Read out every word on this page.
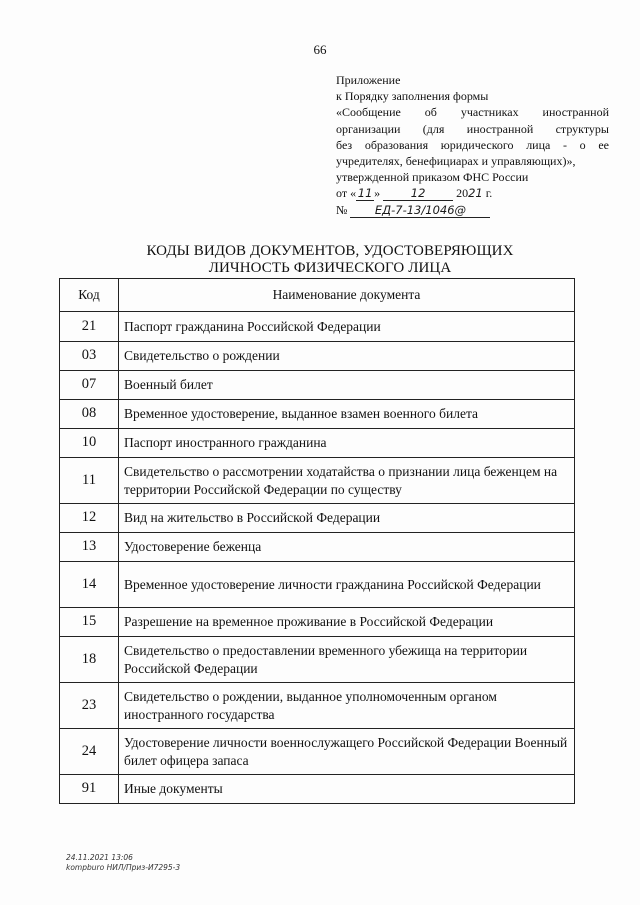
66
Приложение
к Порядку заполнения формы
«Сообщение об участниках иностранной
организации (для иностранной структуры
без образования юридического лица - о ее
учредителях, бенефициарах и управляющих)»,
утвержденной приказом ФНС России
от « 11 »	12	2021 г.
№ ЕД-7-13/1046@
КОДЫ ВИДОВ ДОКУМЕНТОВ, УДОСТОВЕРЯЮЩИХ
ЛИЧНОСТЬ ФИЗИЧЕСКОГО ЛИЦА
Код	Наименование документа
21	Паспорт гражданина Российской Федерации
03	Свидетельство о рождении
07	Военный билет
08	Временное удостоверение, выданное взамен военного билета
10	Паспорт иностранного гражданина
11	Свидетельство о рассмотрении ходатайства о признании лица беженцем на территории Российской Федерации по существу
12	Вид на жительство в Российской Федерации
13	Удостоверение беженца
14	Временное удостоверение личности гражданина Российской Федерации
15	Разрешение на временное проживание в Российской Федерации
18	Свидетельство о предоставлении временного убежища на территории Российской Федерации
23	Свидетельство о рождении, выданное уполномоченным органом иностранного государства
24	Удостоверение личности военнослужащего Российской Федерации Военный билет офицера запаса
91	Иные документы
24.11.2021 13:06
kompburo НИЛ/Приз-И7295-3
